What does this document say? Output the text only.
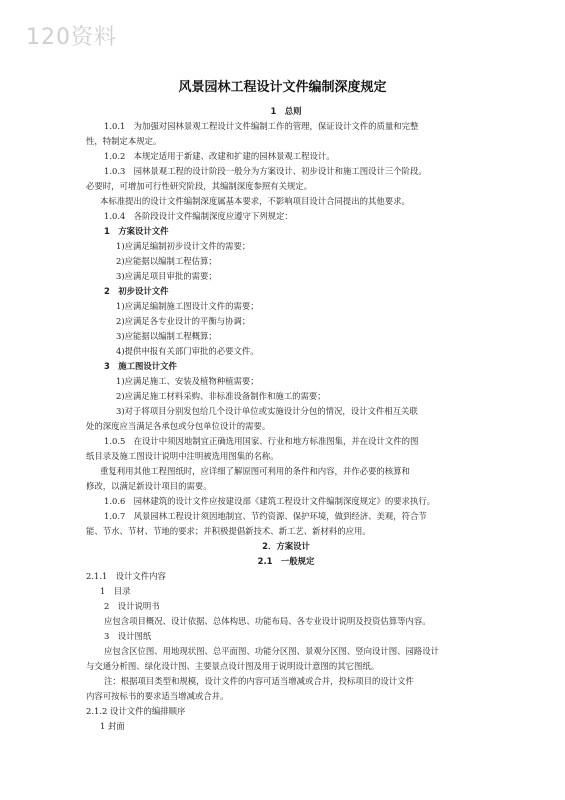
120资料
风景园林工程设计文件编制深度规定
1　总则
1.0.1　为加强对园林景观工程设计文件编制工作的管理，保证设计文件的质量和完整
性，特制定本规定。
1.0.2　本规定适用于新建、改建和扩建的园林景观工程设计。
1.0.3　园林景观工程的设计阶段一般分为方案设计、初步设计和施工图设计三个阶段。
必要时，可增加可行性研究阶段，其编制深度参照有关规定。
本标准提出的设计文件编制深度属基本要求，不影响项目设计合同提出的其他要求。
1.0.4　各阶段设计文件编制深度应遵守下列规定：
1　方案设计文件
1)应满足编制初步设计文件的需要；
2)应能据以编制工程估算；
3)应满足项目审批的需要；
2　初步设计文件
1)应满足编制施工图设计文件的需要；
2)应满足各专业设计的平衡与协调；
3)应能据以编制工程概算；
4)提供申报有关部门审批的必要文件。
3　施工图设计文件
1)应满足施工、安装及植物种植需要；
2)应满足施工材料采购、非标准设备制作和施工的需要；
3)对于将项目分别发包给几个设计单位或实施设计分包的情况，设计文件相互关联
处的深度应当满足各承包或分包单位设计的需要。
1.0.5　在设计中须因地制宜正确选用国家、行业和地方标准图集，并在设计文件的图
纸目录及施工图设计说明中注明被选用图集的名称。
重复利用其他工程图纸时，应详细了解原图可利用的条件和内容，并作必要的核算和
修改，以满足新设计项目的需要。
1.0.6　园林建筑的设计文件应按建设部《建筑工程设计文件编制深度规定》的要求执行。
1.0.7　风景园林工程设计须因地制宜、节约资源、保护环境，做到经济、美观，符合节
能、节水、节材、节地的要求；并积极提倡新技术、新工艺、新材料的应用。
2．方案设计
2.1　一般规定
2.1.1　设计文件内容
1　目录
2　设计说明书
应包含项目概况、设计依据、总体构思、功能布局、各专业设计说明及投资估算等内容。
3　设计图纸
应包含区位图、用地现状图、总平面图、功能分区图、景观分区图、竖向设计图、园路设计
与交通分析图、绿化设计图、主要景点设计图及用于说明设计意图的其它图纸。
注：根据项目类型和规模，设计文件的内容可适当增减或合并，投标项目的设计文件
内容可按标书的要求适当增减或合并。
2.1.2 设计文件的编排顺序
1 封面
